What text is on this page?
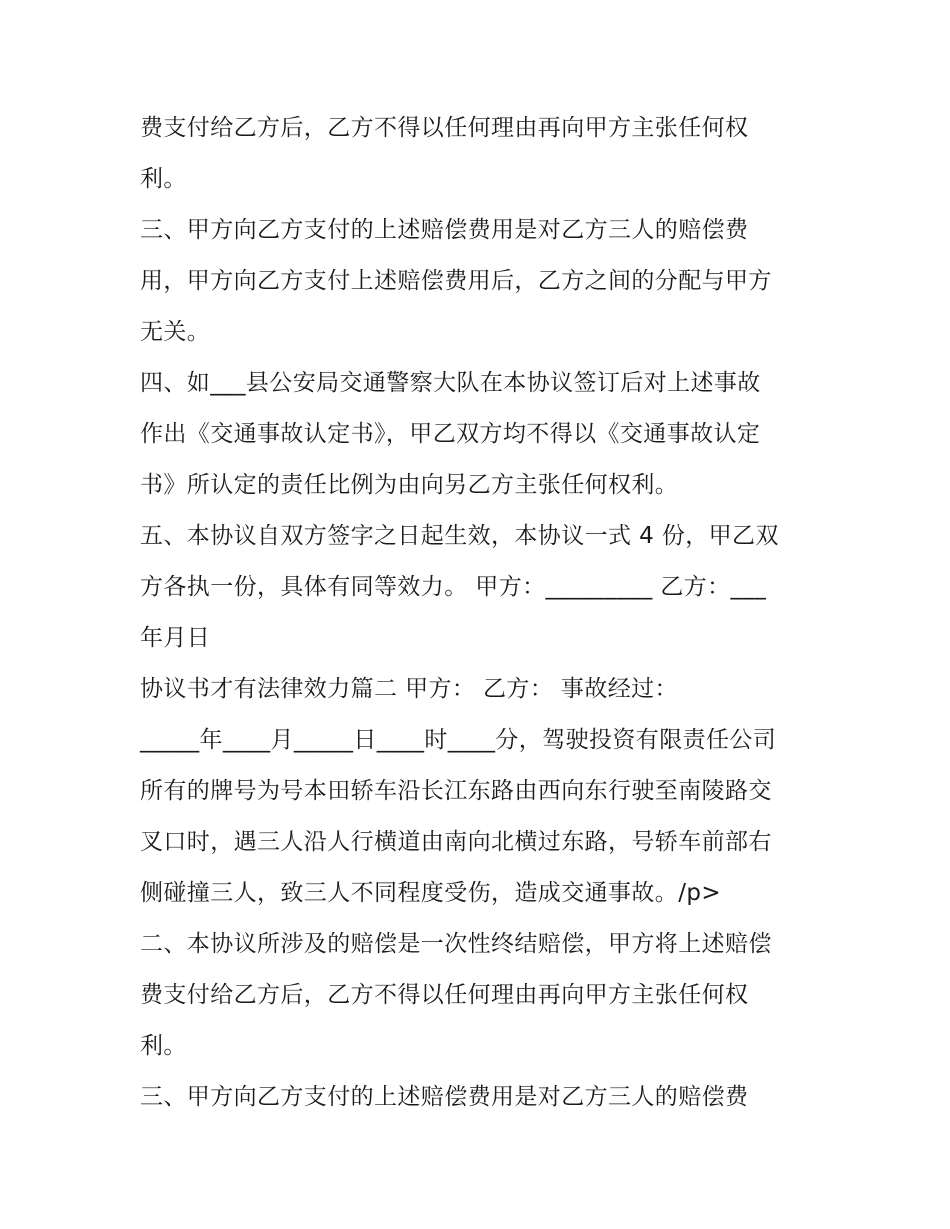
费支付给乙方后，乙方不得以任何理由再向甲方主张任何权
利。
三、甲方向乙方支付的上述赔偿费用是对乙方三人的赔偿费
用，甲方向乙方支付上述赔偿费用后，乙方之间的分配与甲方
无关。
四、如___县公安局交通警察大队在本协议签订后对上述事故
作出《交通事故认定书》，甲乙双方均不得以《交通事故认定
书》所认定的责任比例为由向另乙方主张任何权利。
五、本协议自双方签字之日起生效，本协议一式 4 份，甲乙双
方各执一份，具体有同等效力。 甲方：_________ 乙方：___
年月日
协议书才有法律效力篇二 甲方： 乙方： 事故经过：
_____年____月_____日____时____分，驾驶投资有限责任公司
所有的牌号为号本田轿车沿长江东路由西向东行驶至南陵路交
叉口时，遇三人沿人行横道由南向北横过东路，号轿车前部右
侧碰撞三人，致三人不同程度受伤，造成交通事故。/p>
二、本协议所涉及的赔偿是一次性终结赔偿，甲方将上述赔偿
费支付给乙方后，乙方不得以任何理由再向甲方主张任何权
利。
三、甲方向乙方支付的上述赔偿费用是对乙方三人的赔偿费
